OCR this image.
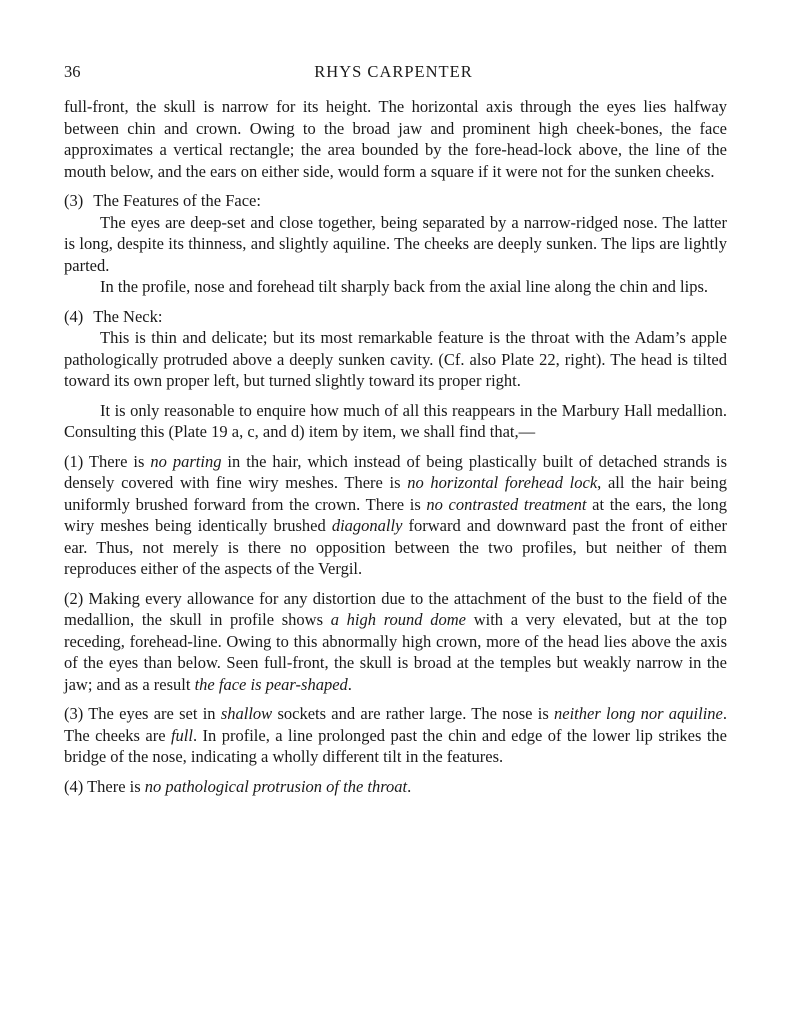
36	RHYS CARPENTER

full-front, the skull is narrow for its height. The horizontal axis through the eyes lies halfway between chin and crown. Owing to the broad jaw and prominent high cheek-bones, the face approximates a vertical rectangle; the area bounded by the fore-head-lock above, the line of the mouth below, and the ears on either side, would form a square if it were not for the sunken cheeks.

(3) The Features of the Face:

The eyes are deep-set and close together, being separated by a narrow-ridged nose. The latter is long, despite its thinness, and slightly aquiline. The cheeks are deeply sunken. The lips are lightly parted.

In the profile, nose and forehead tilt sharply back from the axial line along the chin and lips.

(4) The Neck:

This is thin and delicate; but its most remarkable feature is the throat with the Adam’s apple pathologically protruded above a deeply sunken cavity. (Cf. also Plate 22, right). The head is tilted toward its own proper left, but turned slightly toward its proper right.

It is only reasonable to enquire how much of all this reappears in the Marbury Hall medallion. Consulting this (Plate 19 a, c, and d) item by item, we shall find that,—

(1) There is no parting in the hair, which instead of being plastically built of detached strands is densely covered with fine wiry meshes. There is no horizontal forehead lock, all the hair being uniformly brushed forward from the crown. There is no contrasted treatment at the ears, the long wiry meshes being identically brushed diagonally forward and downward past the front of either ear. Thus, not merely is there no opposition between the two profiles, but neither of them reproduces either of the aspects of the Vergil.

(2) Making every allowance for any distortion due to the attachment of the bust to the field of the medallion, the skull in profile shows a high round dome with a very elevated, but at the top receding, forehead-line. Owing to this abnormally high crown, more of the head lies above the axis of the eyes than below. Seen full-front, the skull is broad at the temples but weakly narrow in the jaw; and as a result the face is pear-shaped.

(3) The eyes are set in shallow sockets and are rather large. The nose is neither long nor aquiline. The cheeks are full. In profile, a line prolonged past the chin and edge of the lower lip strikes the bridge of the nose, indicating a wholly different tilt in the features.

(4) There is no pathological protrusion of the throat.
